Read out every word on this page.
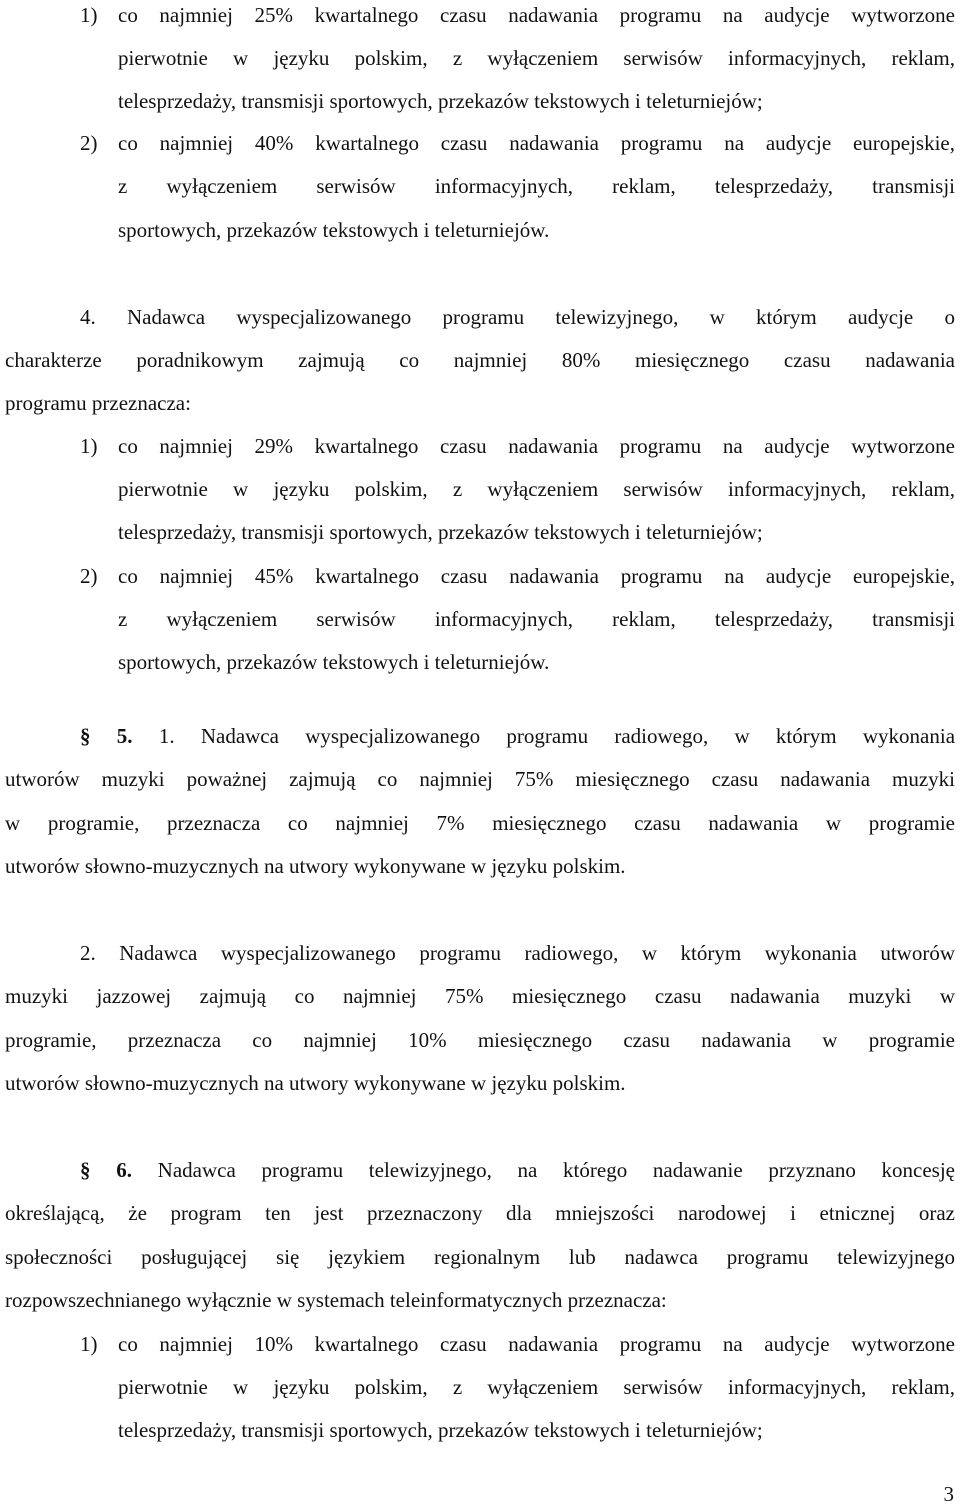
1) co najmniej 25% kwartalnego czasu nadawania programu na audycje wytworzone
pierwotnie w języku polskim, z wyłączeniem serwisów informacyjnych, reklam,
telesprzedaży, transmisji sportowych, przekazów tekstowych i teleturniejów;
2) co najmniej 40% kwartalnego czasu nadawania programu na audycje europejskie,
z wyłączeniem serwisów informacyjnych, reklam, telesprzedaży, transmisji
sportowych, przekazów tekstowych i teleturniejów.
4. Nadawca wyspecjalizowanego programu telewizyjnego, w którym audycje o
charakterze poradnikowym zajmują co najmniej 80% miesięcznego czasu nadawania
programu przeznacza:
1) co najmniej 29% kwartalnego czasu nadawania programu na audycje wytworzone
pierwotnie w języku polskim, z wyłączeniem serwisów informacyjnych, reklam,
telesprzedaży, transmisji sportowych, przekazów tekstowych i teleturniejów;
2) co najmniej 45% kwartalnego czasu nadawania programu na audycje europejskie,
z wyłączeniem serwisów informacyjnych, reklam, telesprzedaży, transmisji
sportowych, przekazów tekstowych i teleturniejów.
§ 5. 1. Nadawca wyspecjalizowanego programu radiowego, w którym wykonania
utworów muzyki poważnej zajmują co najmniej 75% miesięcznego czasu nadawania muzyki
w programie, przeznacza co najmniej 7% miesięcznego czasu nadawania w programie
utworów słowno-muzycznych na utwory wykonywane w języku polskim.
2. Nadawca wyspecjalizowanego programu radiowego, w którym wykonania utworów
muzyki jazzowej zajmują co najmniej 75% miesięcznego czasu nadawania muzyki w
programie, przeznacza co najmniej 10% miesięcznego czasu nadawania w programie
utworów słowno-muzycznych na utwory wykonywane w języku polskim.
§ 6. Nadawca programu telewizyjnego, na którego nadawanie przyznano koncesję
określającą, że program ten jest przeznaczony dla mniejszości narodowej i etnicznej oraz
społeczności posługującej się językiem regionalnym lub nadawca programu telewizyjnego
rozpowszechnianego wyłącznie w systemach teleinformatycznych przeznacza:
1) co najmniej 10% kwartalnego czasu nadawania programu na audycje wytworzone
pierwotnie w języku polskim, z wyłączeniem serwisów informacyjnych, reklam,
telesprzedaży, transmisji sportowych, przekazów tekstowych i teleturniejów;
3
